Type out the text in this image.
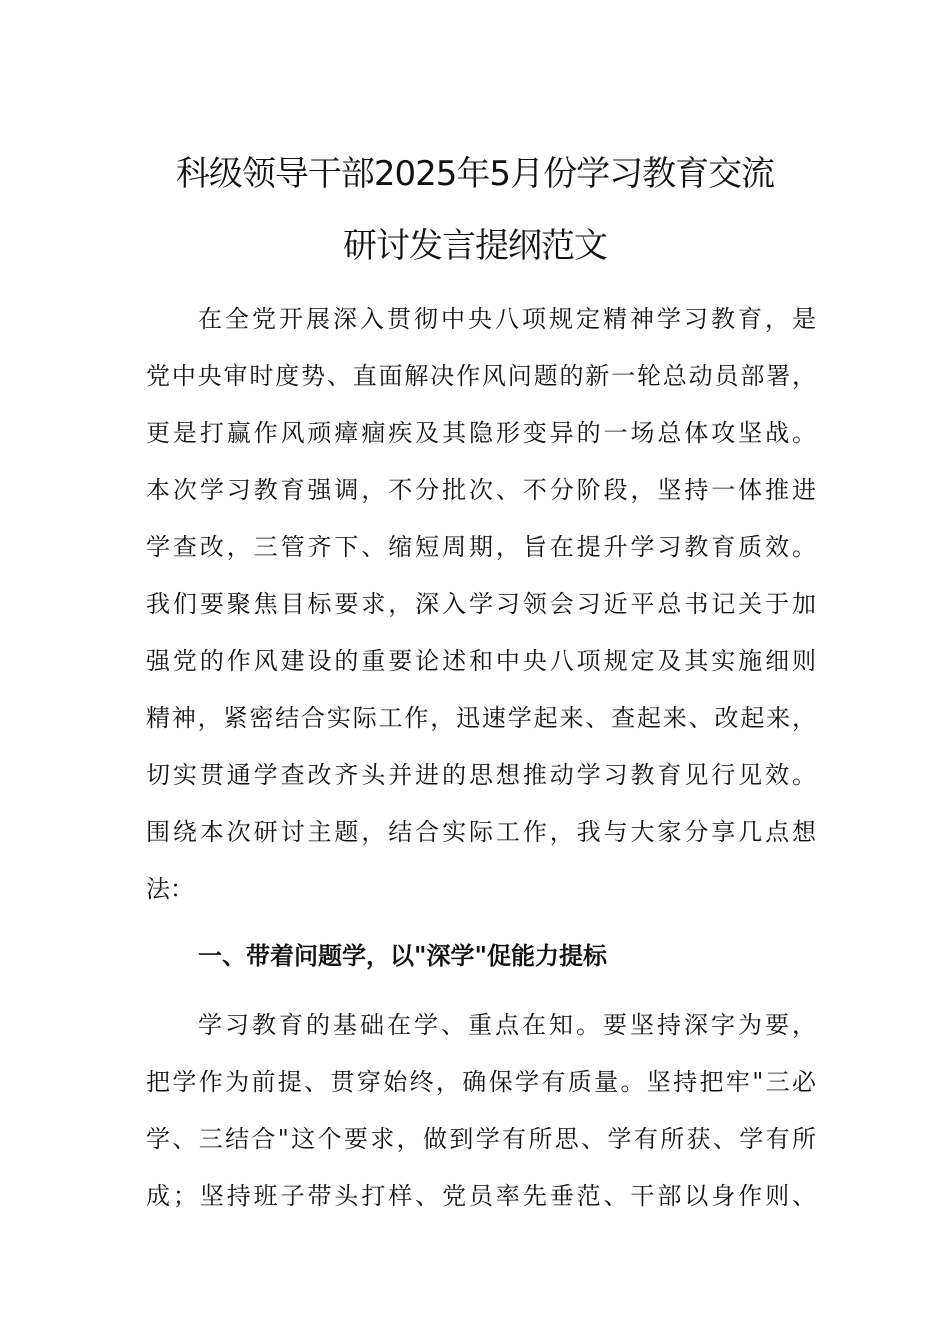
科级领导干部2025年5月份学习教育交流
研讨发言提纲范文
在全党开展深入贯彻中央八项规定精神学习教育，是
党中央审时度势、直面解决作风问题的新一轮总动员部署，
更是打赢作风顽瘴痼疾及其隐形变异的一场总体攻坚战。
本次学习教育强调，不分批次、不分阶段，坚持一体推进
学查改，三管齐下、缩短周期，旨在提升学习教育质效。
我们要聚焦目标要求，深入学习领会习近平总书记关于加
强党的作风建设的重要论述和中央八项规定及其实施细则
精神，紧密结合实际工作，迅速学起来、查起来、改起来，
切实贯通学查改齐头并进的思想推动学习教育见行见效。
围绕本次研讨主题，结合实际工作，我与大家分享几点想
法：
一、带着问题学，以"深学"促能力提标
学习教育的基础在学、重点在知。要坚持深字为要，
把学作为前提、贯穿始终，确保学有质量。坚持把牢"三必
学、三结合"这个要求，做到学有所思、学有所获、学有所
成；坚持班子带头打样、党员率先垂范、干部以身作则、
